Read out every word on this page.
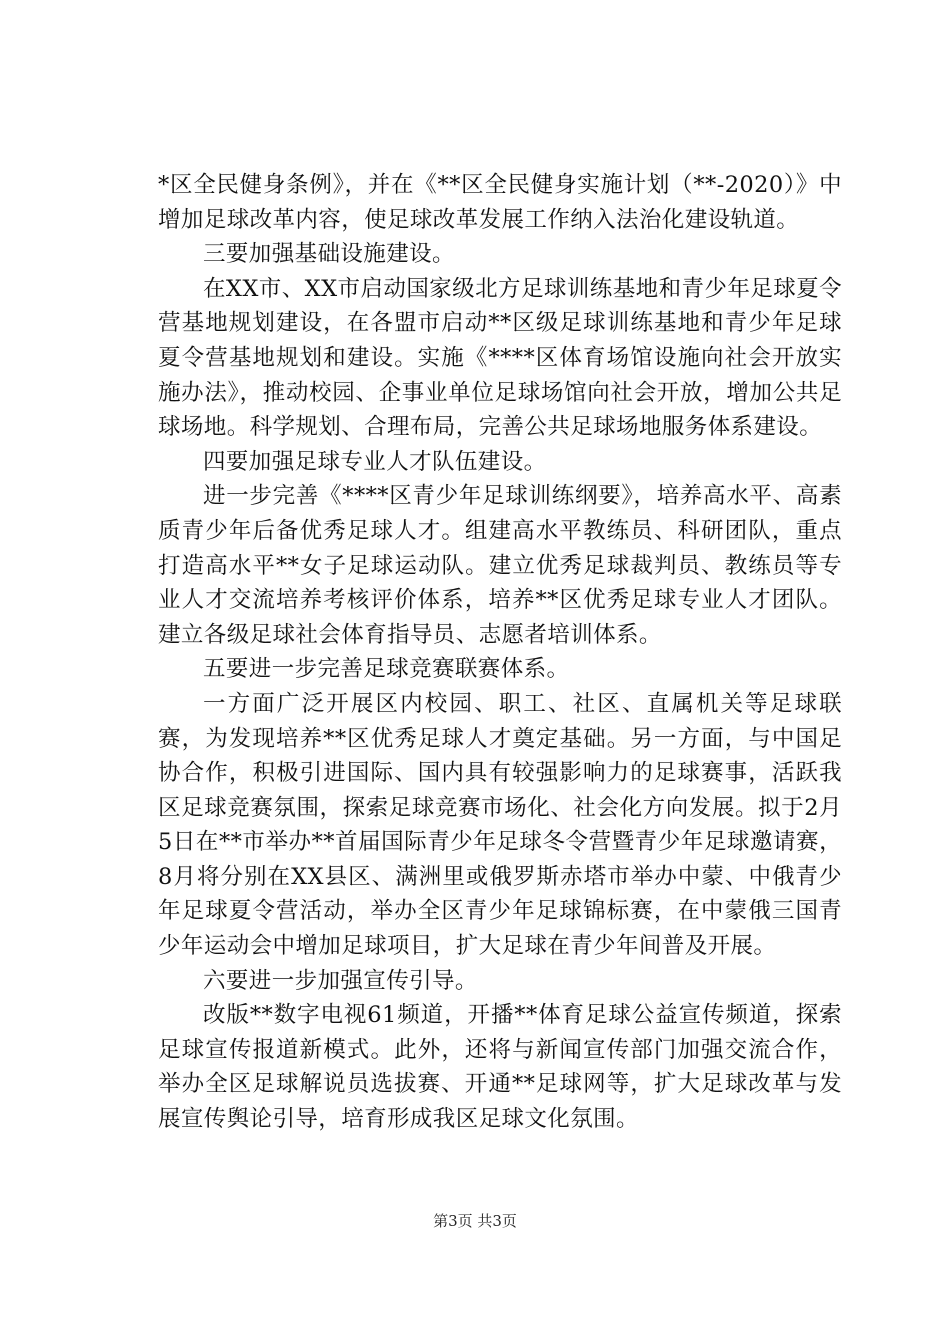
*区全民健身条例》，并在《**区全民健身实施计划（**-2020）》中增加足球改革内容，使足球改革发展工作纳入法治化建设轨道。

三要加强基础设施建设。

在XX市、XX市启动国家级北方足球训练基地和青少年足球夏令营基地规划建设，在各盟市启动**区级足球训练基地和青少年足球夏令营基地规划和建设。实施《****区体育场馆设施向社会开放实施办法》，推动校园、企事业单位足球场馆向社会开放，增加公共足球场地。科学规划、合理布局，完善公共足球场地服务体系建设。

四要加强足球专业人才队伍建设。

进一步完善《****区青少年足球训练纲要》，培养高水平、高素质青少年后备优秀足球人才。组建高水平教练员、科研团队，重点打造高水平**女子足球运动队。建立优秀足球裁判员、教练员等专业人才交流培养考核评价体系，培养**区优秀足球专业人才团队。建立各级足球社会体育指导员、志愿者培训体系。

五要进一步完善足球竞赛联赛体系。

一方面广泛开展区内校园、职工、社区、直属机关等足球联赛，为发现培养**区优秀足球人才奠定基础。另一方面，与中国足协合作，积极引进国际、国内具有较强影响力的足球赛事，活跃我区足球竞赛氛围，探索足球竞赛市场化、社会化方向发展。拟于2月5日在**市举办**首届国际青少年足球冬令营暨青少年足球邀请赛，8月将分别在XX县区、满洲里或俄罗斯赤塔市举办中蒙、中俄青少年足球夏令营活动，举办全区青少年足球锦标赛，在中蒙俄三国青少年运动会中增加足球项目，扩大足球在青少年间普及开展。

六要进一步加强宣传引导。

改版**数字电视61频道，开播**体育足球公益宣传频道，探索足球宣传报道新模式。此外，还将与新闻宣传部门加强交流合作，举办全区足球解说员选拔赛、开通**足球网等，扩大足球改革与发展宣传舆论引导，培育形成我区足球文化氛围。

第3页 共3页
